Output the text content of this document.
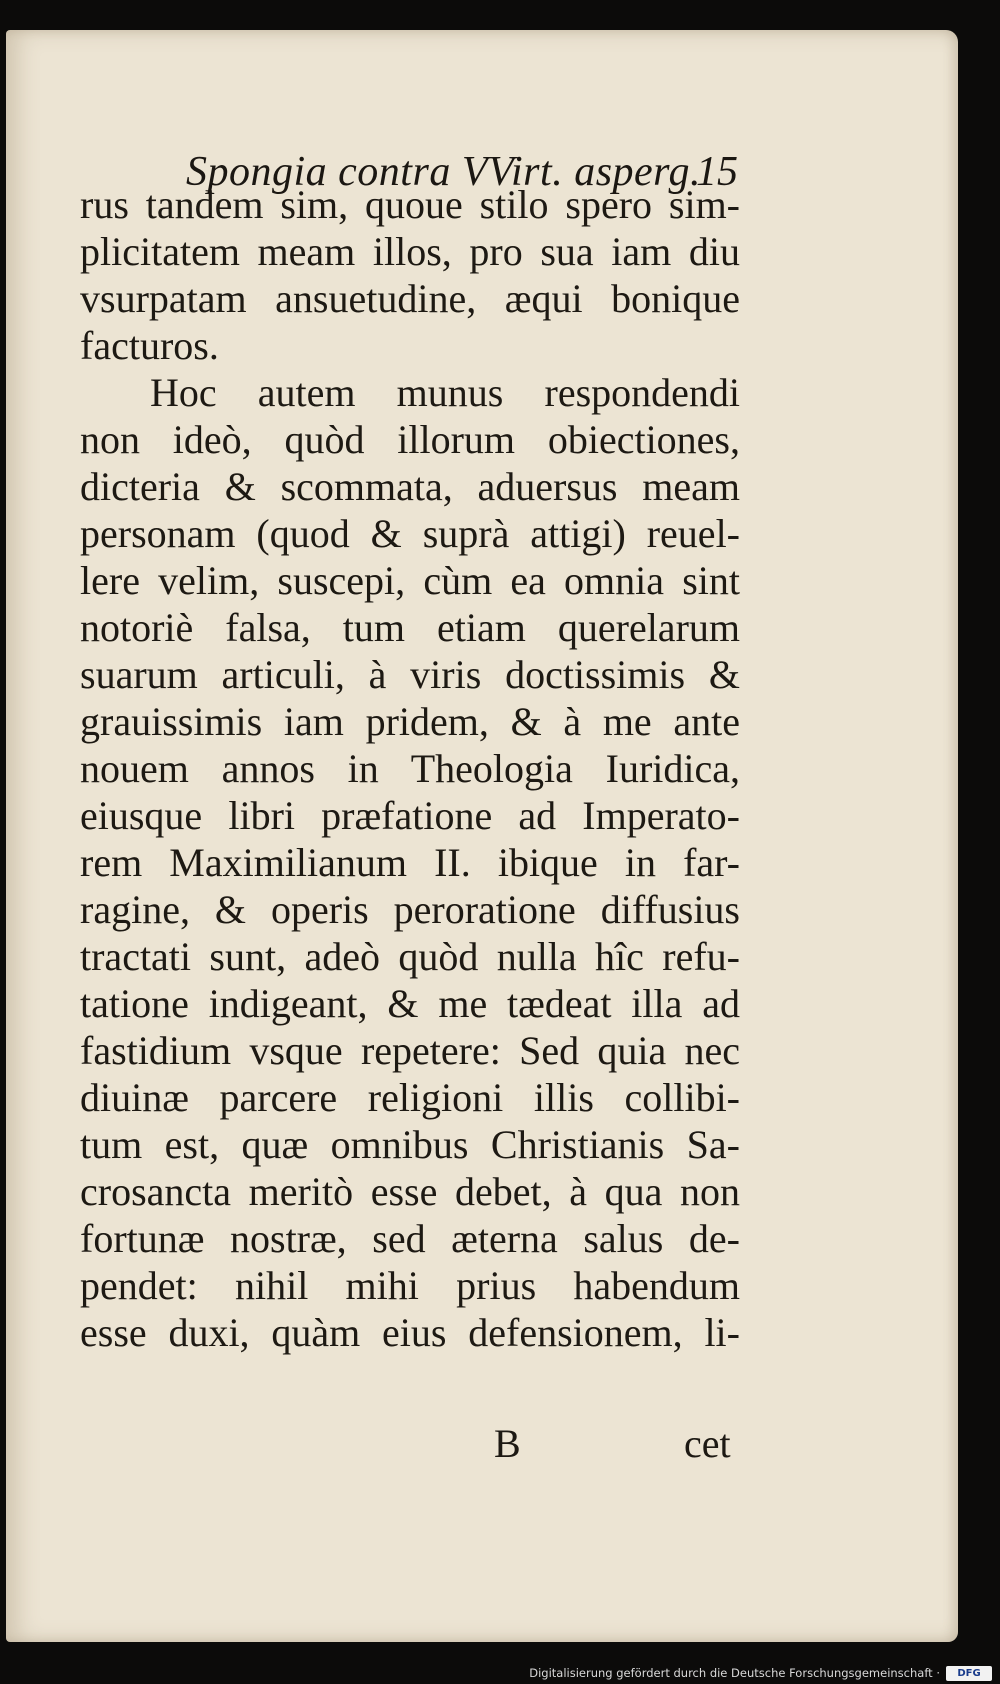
Spongia contra VVirt. asperg.
15
rus tandem sim, quoue stilo spero sim-
plicitatem meam illos, pro sua iam diu
vsurpatam ansuetudine, æqui bonique
facturos.
Hoc autem munus respondendi
non ideò, quòd illorum obiectiones,
dicteria & scommata, aduersus meam
personam (quod & suprà attigi) reuel-
lere velim, suscepi, cùm ea omnia sint
notoriè falsa, tum etiam querelarum
suarum articuli, à viris doctissimis &
grauissimis iam pridem, & à me ante
nouem annos in Theologia Iuridica,
eiusque libri præfatione ad Imperato-
rem Maximilianum II. ibique in far-
ragine, & operis peroratione diffusius
tractati sunt, adeò quòd nulla hîc refu-
tatione indigeant, & me tædeat illa ad
fastidium vsque repetere: Sed quia nec
diuinæ parcere religioni illis collibi-
tum est, quæ omnibus Christianis Sa-
crosancta meritò esse debet, à qua non
fortunæ nostræ, sed æterna salus de-
pendet: nihil mihi prius habendum
esse duxi, quàm eius defensionem, li-
B	cet
Digitalisierung gefördert durch die Deutsche Forschungsgemeinschaft ·	DFG
